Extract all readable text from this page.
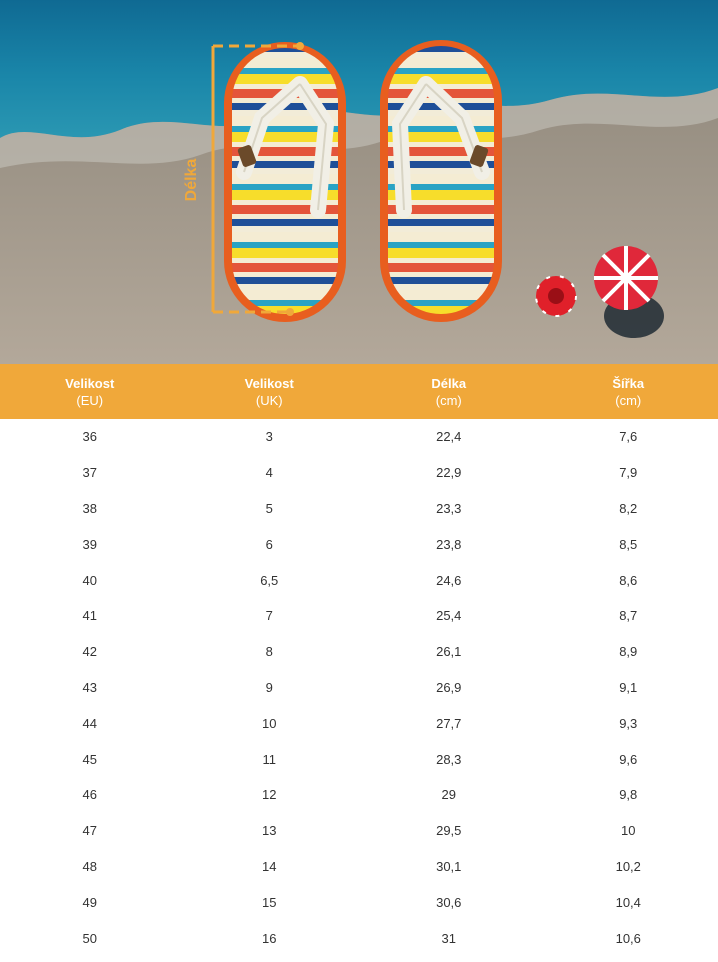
Délka
Velikost
(EU)
Velikost
(UK)
Délka
(cm)
Šířka
(cm)
36	3	22,4	7,6
37	4	22,9	7,9
38	5	23,3	8,2
39	6	23,8	8,5
40	6,5	24,6	8,6
41	7	25,4	8,7
42	8	26,1	8,9
43	9	26,9	9,1
44	10	27,7	9,3
45	11	28,3	9,6
46	12	29	9,8
47	13	29,5	10
48	14	30,1	10,2
49	15	30,6	10,4
50	16	31	10,6
